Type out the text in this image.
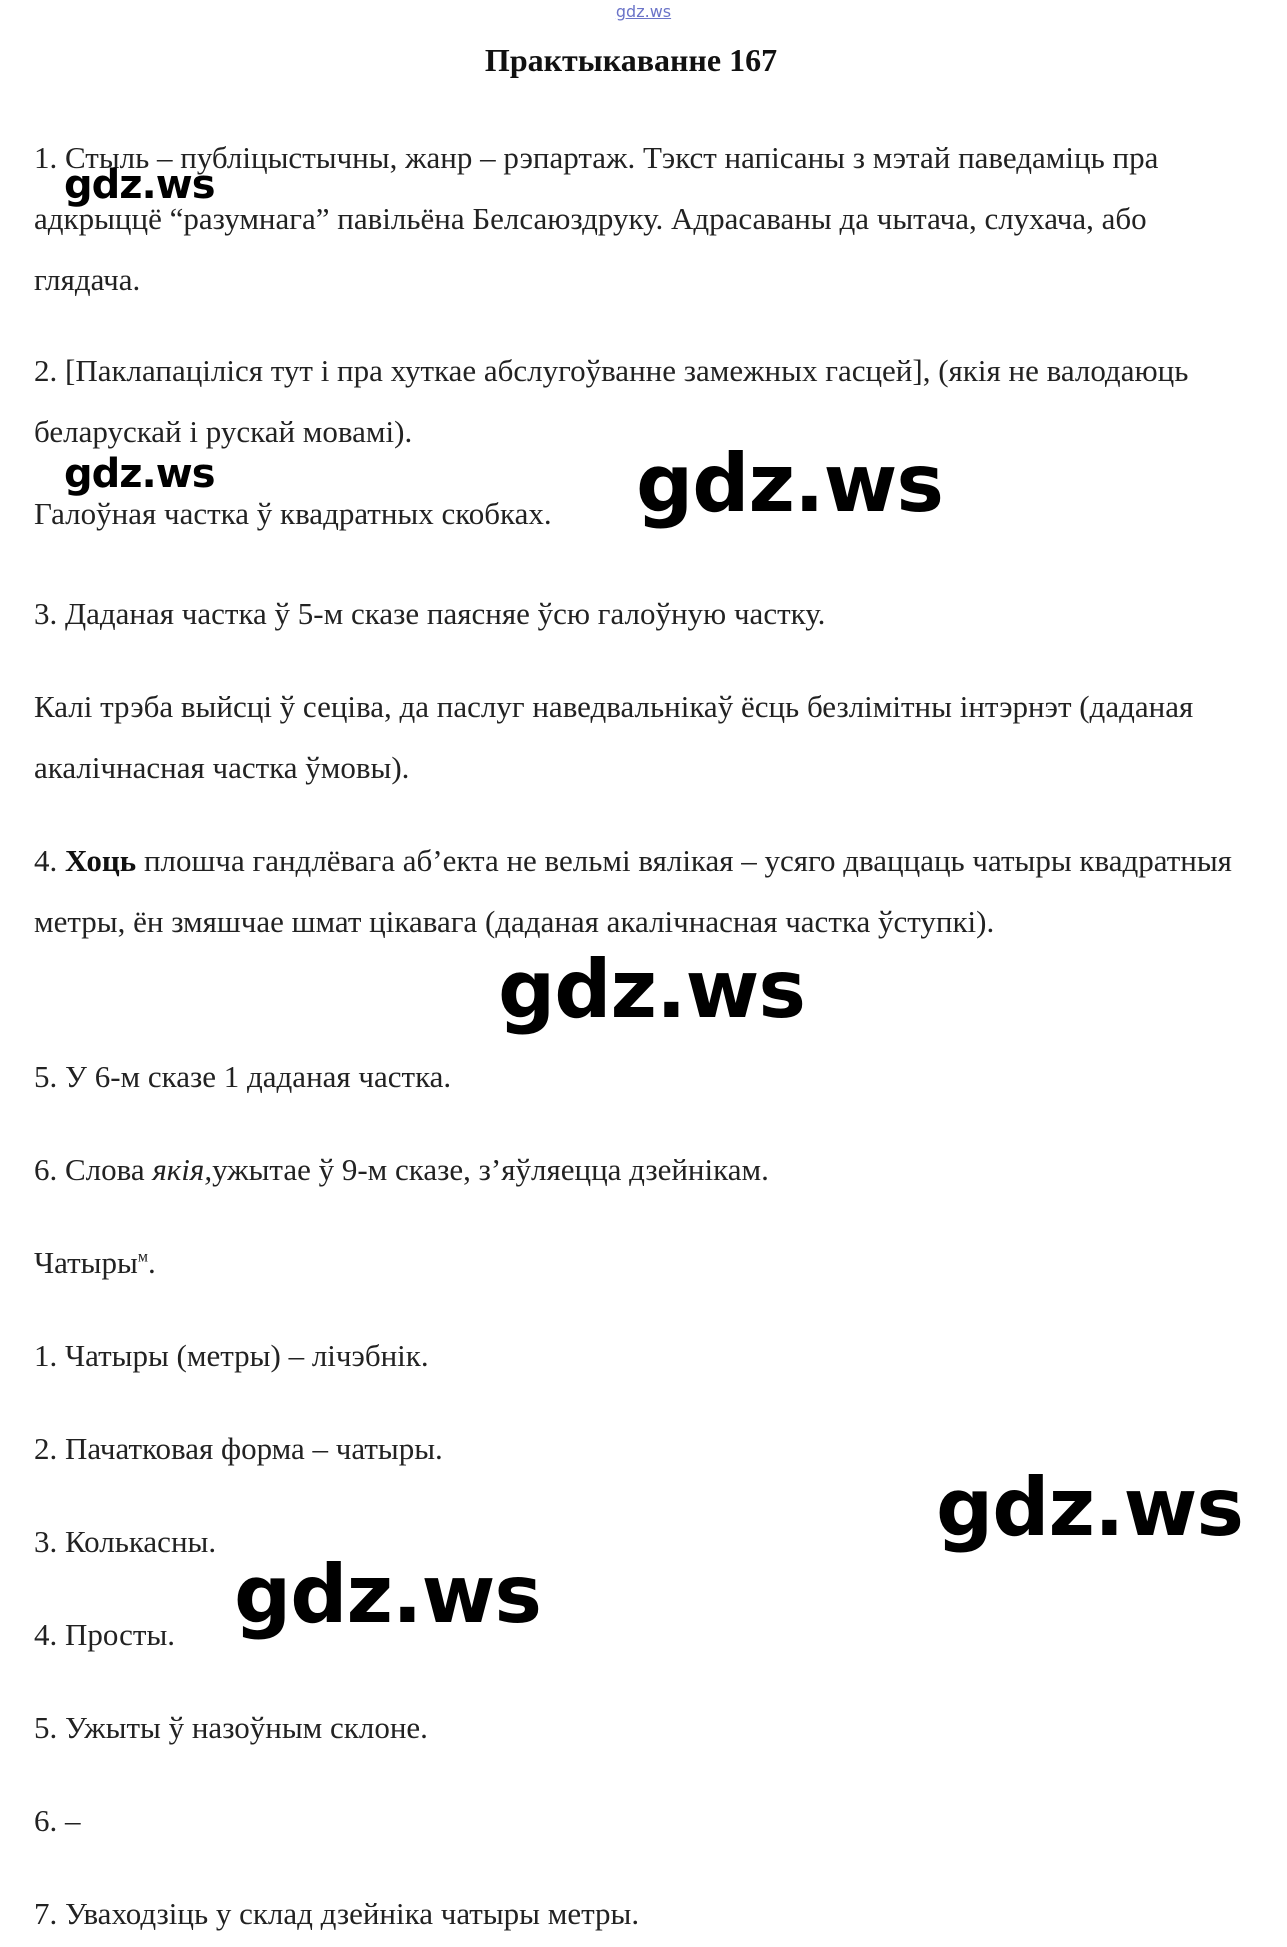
gdz.ws
Практыкаванне 167

1. Стыль – публіцыстычны, жанр – рэпартаж. Тэкст напісаны з мэтай паведаміць пра адкрыццё “разумнага” павільёна Белсаюздруку. Адрасаваны да чытача, слухача, або глядача.

2. [Паклапаціліся тут і пра хуткае абслугоўванне замежных гасцей], (якія не валодаюць беларускай і рускай мовамі).

Галоўная частка ў квадратных скобках.

3. Даданая частка ў 5-м сказе паясняе ўсю галоўную частку.

Калі трэба выйсці ў сеціва, да паслуг наведвальнікаў ёсць безлімітны інтэрнэт (даданая акалічнасная частка ўмовы).

4. Хоць плошча гандлёвага аб’екта не вельмі вялікая – усяго дваццаць чатыры квадратныя метры, ён змяшчае шмат цікавага (даданая акалічнасная частка ўступкі).

5. У 6-м сказе 1 даданая частка.

6. Слова якія,ужытае ў 9-м сказе, з’яўляецца дзейнікам.

Чатыры$^м$.

1. Чатыры (метры) – лічэбнік.

2. Пачатковая форма – чатыры.

3. Колькасны.

4. Просты.

5. Ужыты ў назоўным склоне.

6. –

7. Уваходзіць у склад дзейніка чатыры метры.

gdz.ws
gdz.ws	gdz.ws
gdz.ws
gdz.ws
gdz.ws
